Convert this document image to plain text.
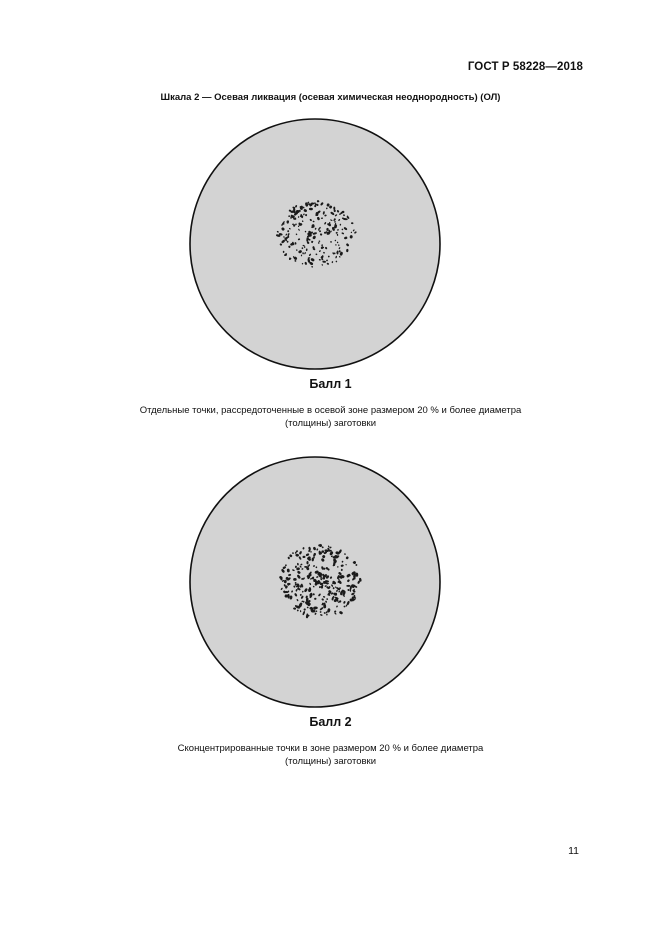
ГОСТ Р 58228—2018
Шкала 2 — Осевая ликвация (осевая химическая неоднородность) (ОЛ)
Балл 1
Отдельные точки, рассредоточенные в осевой зоне размером 20 % и более диаметра
(толщины) заготовки
Балл 2
Сконцентрированные точки в зоне размером 20 % и более диаметра
(толщины) заготовки
11
